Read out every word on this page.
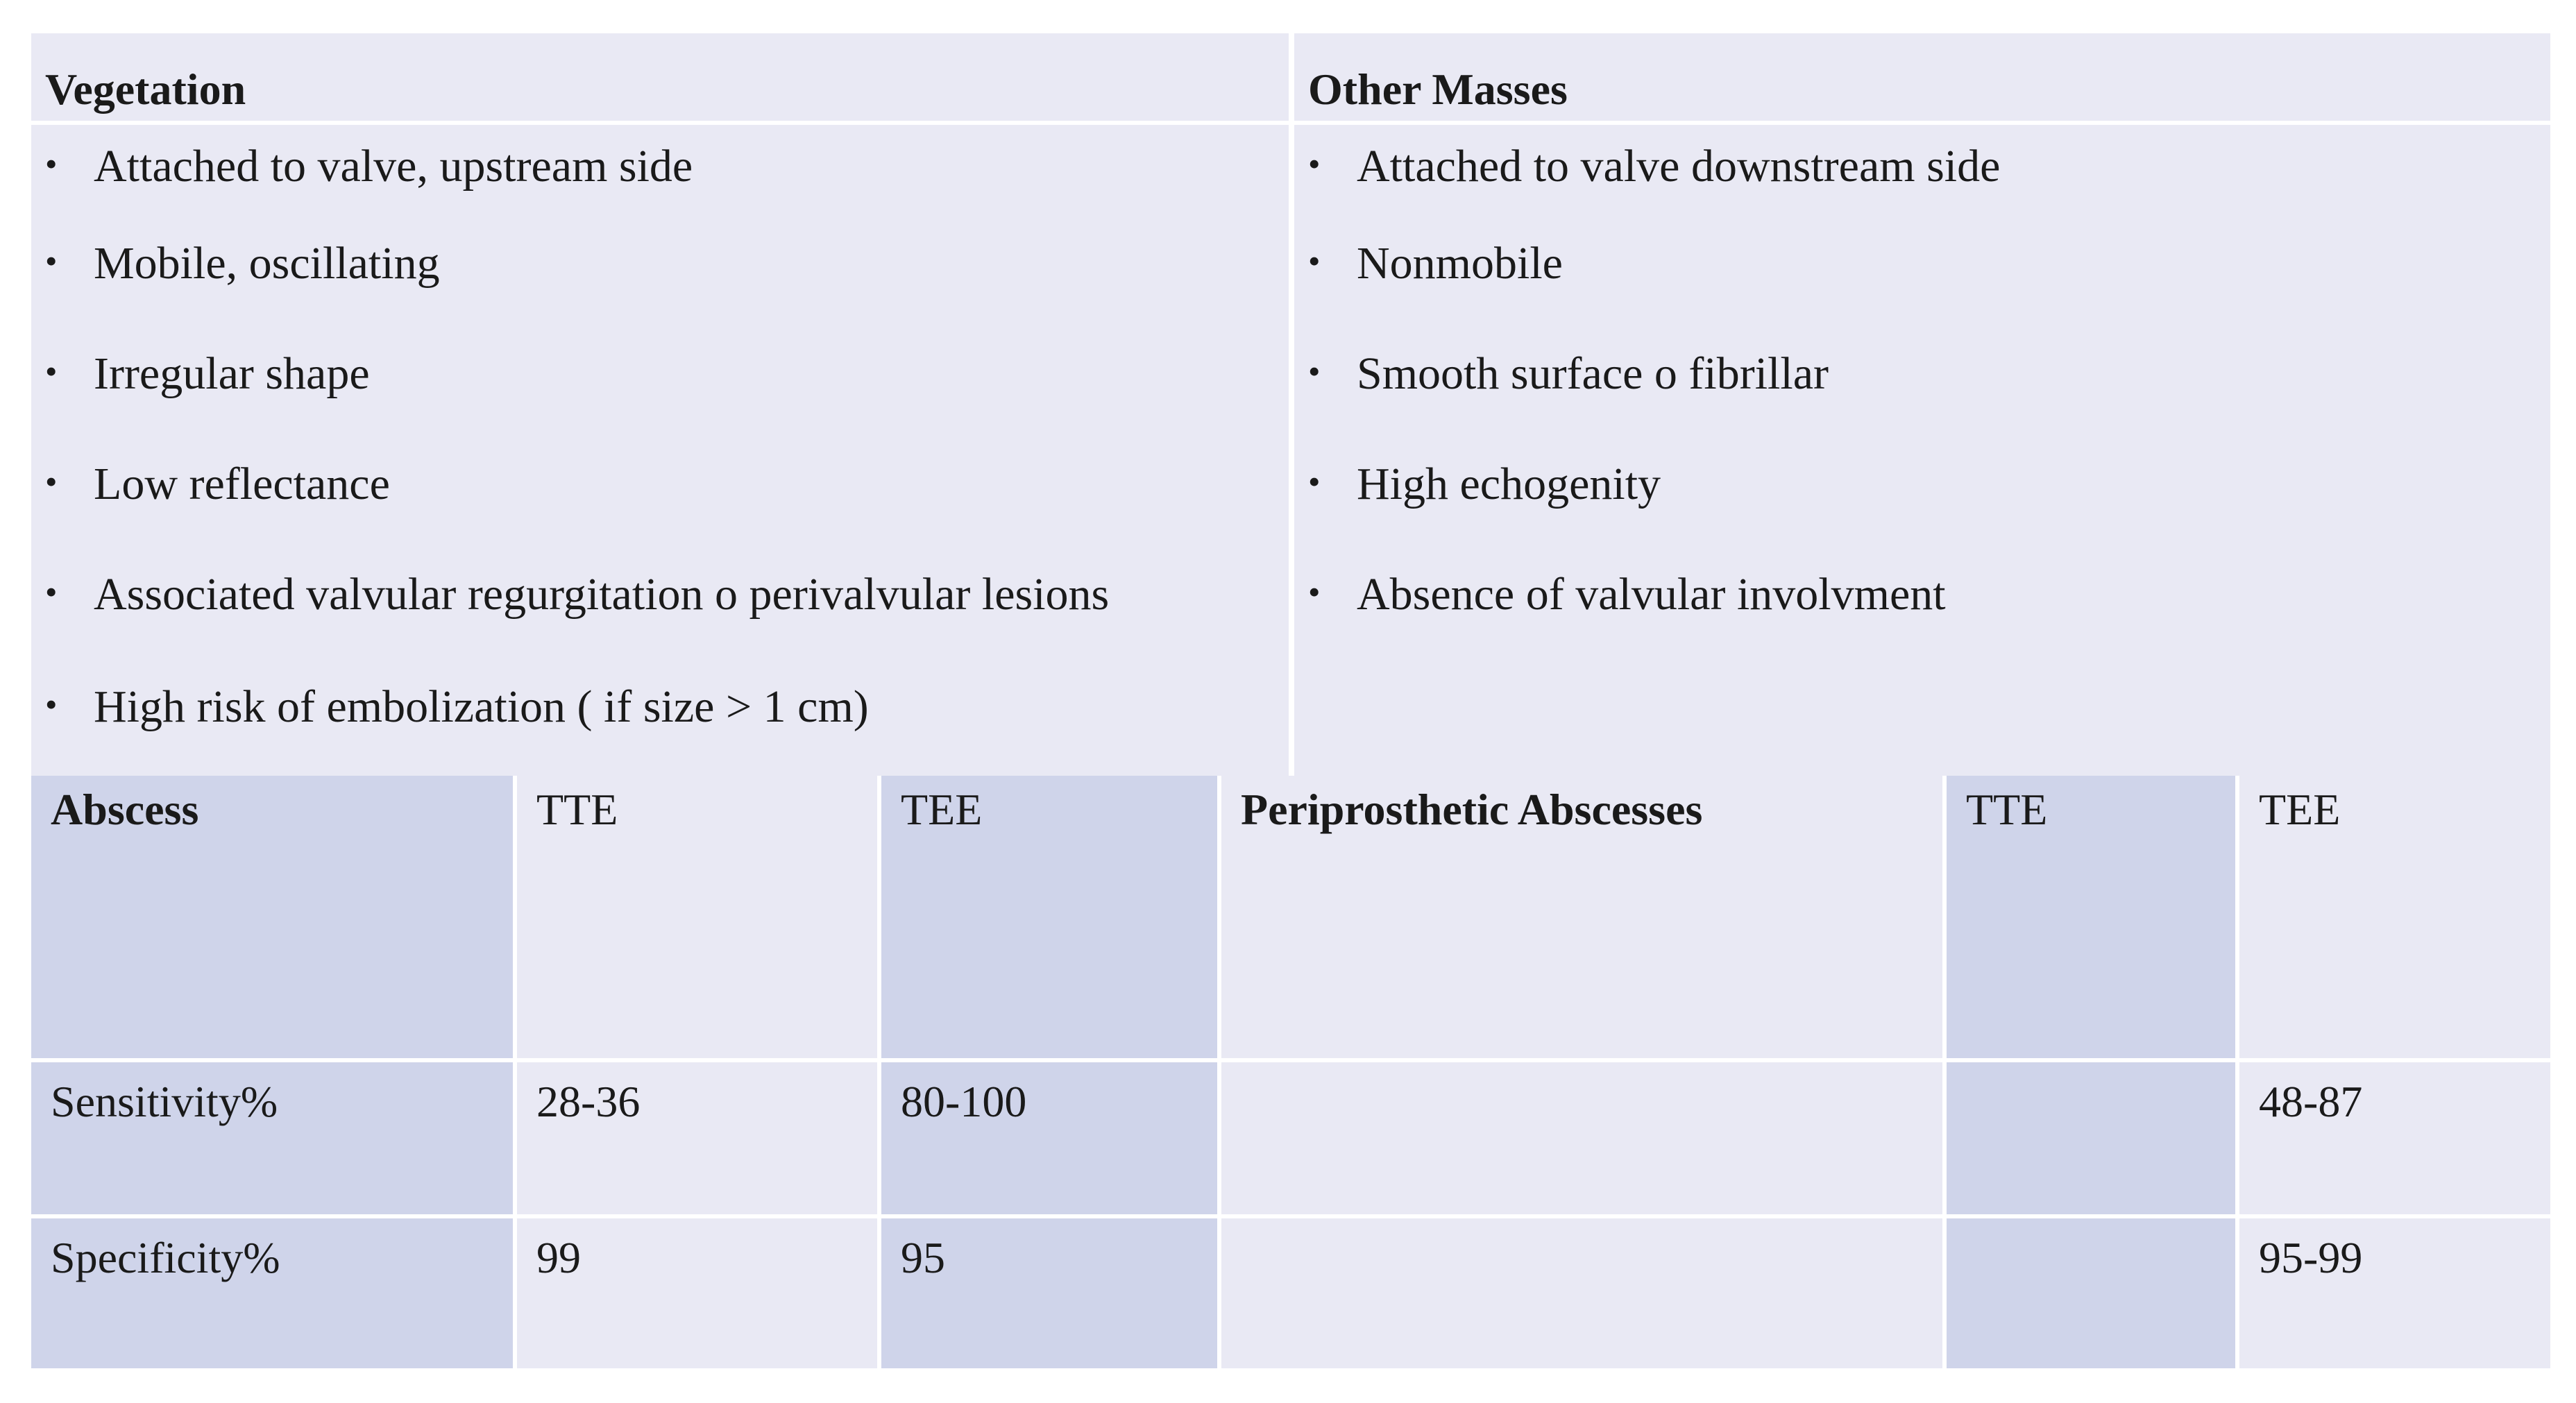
Vegetation
• Attached to valve, upstream side
• Mobile, oscillating
• Irregular shape
• Low reflectance
• Associated valvular regurgitation o perivalvular lesions
• High risk of embolization ( if size > 1 cm)
Other Masses
• Attached to valve downstream side
• Nonmobile
• Smooth surface o fibrillar
• High echogenity
• Absence of valvular involvment
Abscess	TTE	TEE	Periprosthetic Abscesses	TTE	TEE
Sensitivity%	28-36	80-100			48-87
Specificity%	99	95			95-99
